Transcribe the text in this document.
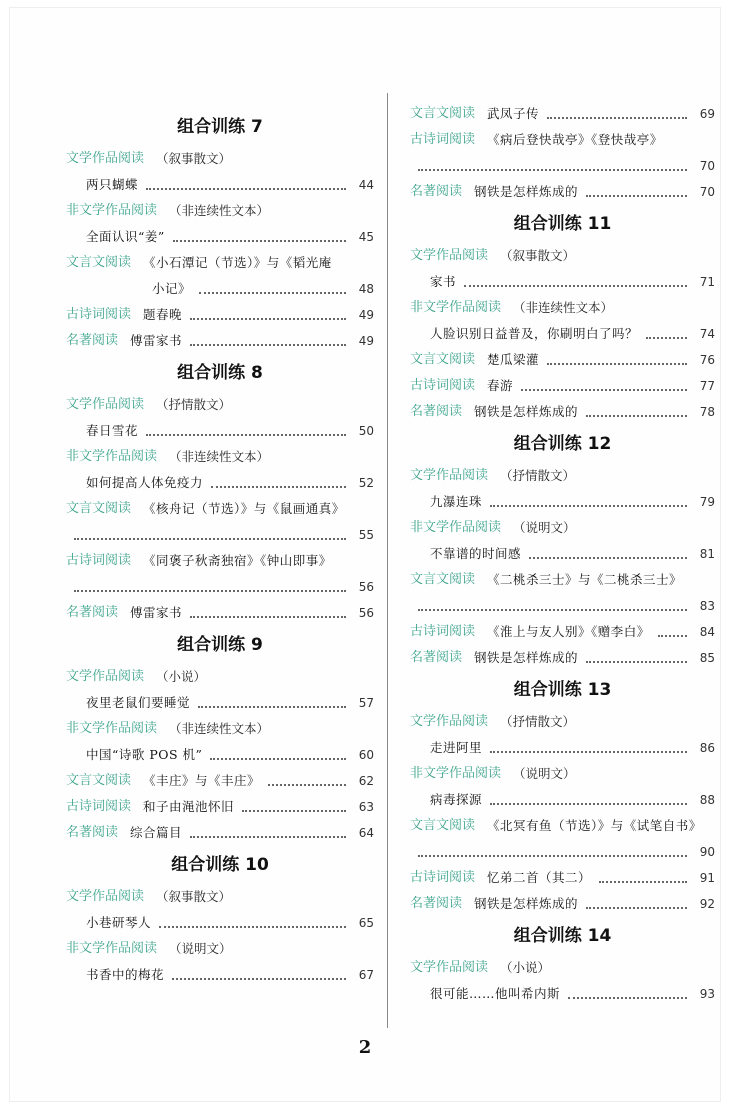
组合训练 7
文学作品阅读 （叙事散文）
两只蝴蝶	44
非文学作品阅读 （非连续性文本）
全面认识“姜”	45
文言文阅读 《小石潭记（节选）》与《韬光庵
小记》	48
古诗词阅读 题春晚	49
名著阅读 傅雷家书	49
组合训练 8
文学作品阅读 （抒情散文）
春日雪花	50
非文学作品阅读 （非连续性文本）
如何提高人体免疫力	52
文言文阅读 《核舟记（节选）》与《鼠画通真》
55
古诗词阅读 《同褒子秋斋独宿》《钟山即事》
56
名著阅读 傅雷家书	56
组合训练 9
文学作品阅读 （小说）
夜里老鼠们要睡觉	57
非文学作品阅读 （非连续性文本）
中国“诗歌 POS 机”	60
文言文阅读 《丰庄》与《丰庄》	62
古诗词阅读 和子由渑池怀旧	63
名著阅读 综合篇目	64
组合训练 10
文学作品阅读 （叙事散文）
小巷研琴人	65
非文学作品阅读 （说明文）
书香中的梅花	67
文言文阅读 武凤子传	69
古诗词阅读 《病后登快哉亭》《登快哉亭》
70
名著阅读 钢铁是怎样炼成的	70
组合训练 11
文学作品阅读 （叙事散文）
家书	71
非文学作品阅读 （非连续性文本）
人脸识别日益普及，你刷明白了吗？	74
文言文阅读 楚瓜梁灌	76
古诗词阅读 春游	77
名著阅读 钢铁是怎样炼成的	78
组合训练 12
文学作品阅读 （抒情散文）
九瀑连珠	79
非文学作品阅读 （说明文）
不靠谱的时间感	81
文言文阅读 《二桃杀三士》与《二桃杀三士》
83
古诗词阅读 《淮上与友人别》《赠李白》	84
名著阅读 钢铁是怎样炼成的	85
组合训练 13
文学作品阅读 （抒情散文）
走进阿里	86
非文学作品阅读 （说明文）
病毒探源	88
文言文阅读 《北冥有鱼（节选）》与《试笔自书》
90
古诗词阅读 忆弟二首（其二）	91
名著阅读 钢铁是怎样炼成的	92
组合训练 14
文学作品阅读 （小说）
很可能……他叫希内斯	93
2
